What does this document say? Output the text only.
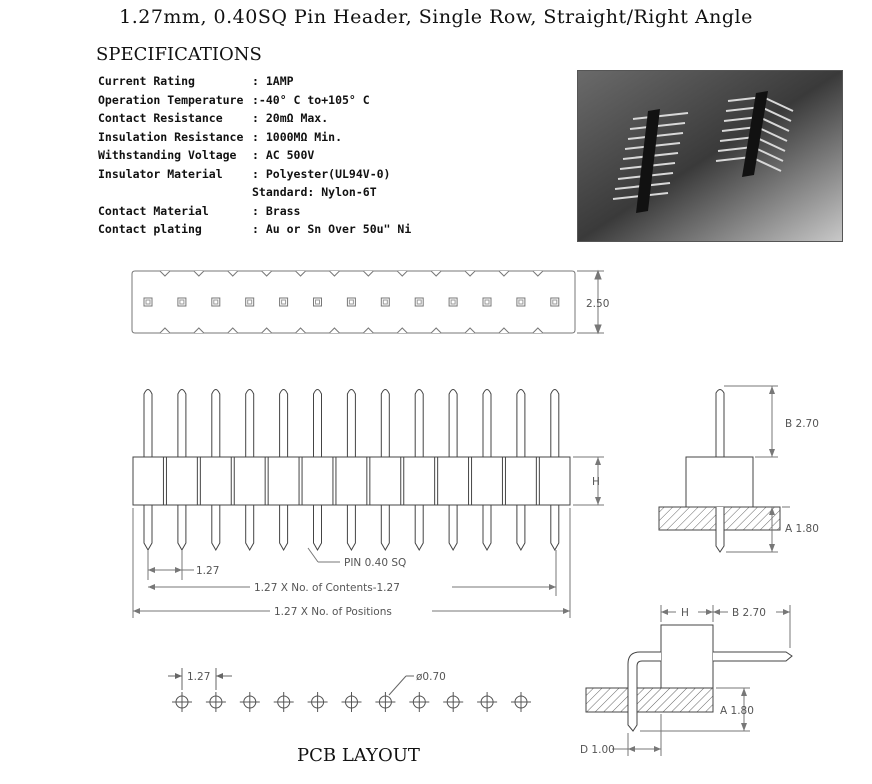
1.27mm, 0.40SQ Pin Header, Single Row, Straight/Right Angle
SPECIFICATIONS
Current Rating	: 1AMP
Operation Temperature :-40° C to+105° C
Contact Resistance	: 20mΩ Max.
Insulation Resistance : 1000MΩ Min.
Withstanding Voltage : AC 500V
Insulator Material	: Polyester(UL94V-0)
Standard: Nylon-6T
Contact Material	: Brass
Contact plating	: Au or Sn Over 50u" Ni
2.50
H
PIN 0.40 SQ
1.27
1.27 X No. of Contents-1.27
1.27 X No. of Positions
B 2.70
A 1.80
H	B 2.70
A 1.80
D 1.00
1.27	ø0.70
PCB LAYOUT
